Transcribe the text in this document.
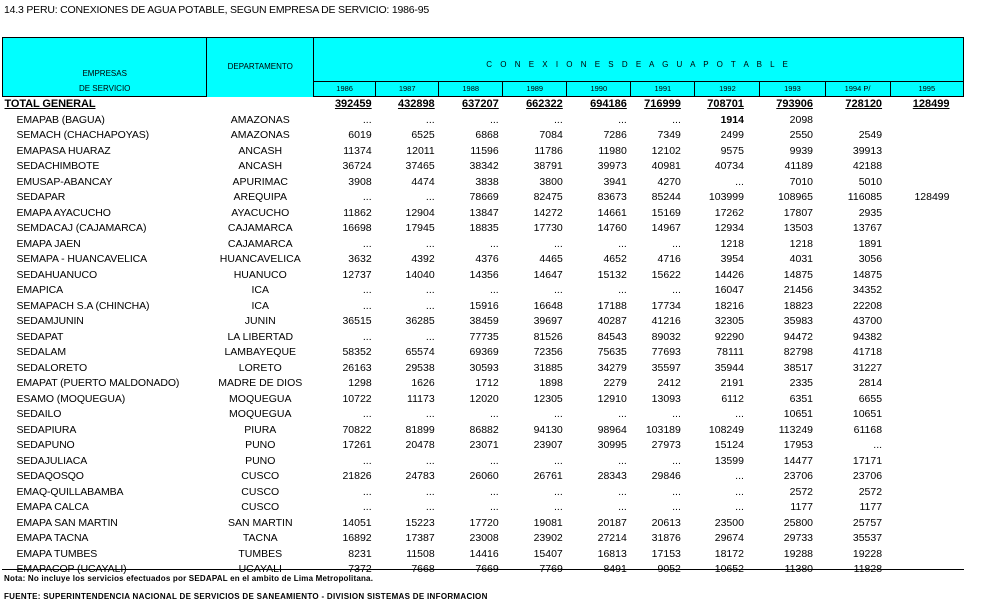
14.3 PERU: CONEXIONES DE AGUA POTABLE, SEGUN EMPRESA DE SERVICIO: 1986-95
EMPRESAS	DEPARTAMENTO	C O N E X I O N E S D E A G U A P O T A B L E									
DE SERVICIO		1986	1987	1988	1989	1990	1991	1992	1993	1994 P/	1995
TOTAL GENERAL		392459	432898	637207	662322	694186	716999	708701	793906	728120	128499
EMAPAB (BAGUA)	AMAZONAS	...	...	...	...	...	...	1914	2098		
SEMACH (CHACHAPOYAS)	AMAZONAS	6019	6525	6868	7084	7286	7349	2499	2550	2549	
EMAPASA HUARAZ	ANCASH	11374	12011	11596	11786	11980	12102	9575	9939	39913	
SEDACHIMBOTE	ANCASH	36724	37465	38342	38791	39973	40981	40734	41189	42188	
EMUSAP-ABANCAY	APURIMAC	3908	4474	3838	3800	3941	4270	...	7010	5010	
SEDAPAR	AREQUIPA	...	...	78669	82475	83673	85244	103999	108965	116085	128499
EMAPA AYACUCHO	AYACUCHO	11862	12904	13847	14272	14661	15169	17262	17807	2935	
SEMDACAJ (CAJAMARCA)	CAJAMARCA	16698	17945	18835	17730	14760	14967	12934	13503	13767	
EMAPA JAEN	CAJAMARCA	...	...	...	...	...	...	1218	1218	1891	
SEMAPA - HUANCAVELICA	HUANCAVELICA	3632	4392	4376	4465	4652	4716	3954	4031	3056	
SEDAHUANUCO	HUANUCO	12737	14040	14356	14647	15132	15622	14426	14875	14875	
EMAPICA	ICA	...	...	...	...	...	...	16047	21456	34352	
SEMAPACH S.A (CHINCHA)	ICA	...	...	15916	16648	17188	17734	18216	18823	22208	
SEDAMJUNIN	JUNIN	36515	36285	38459	39697	40287	41216	32305	35983	43700	
SEDAPAT	LA LIBERTAD	...	...	77735	81526	84543	89032	92290	94472	94382	
SEDALAM	LAMBAYEQUE	58352	65574	69369	72356	75635	77693	78111	82798	41718	
SEDALORETO	LORETO	26163	29538	30593	31885	34279	35597	35944	38517	31227	
EMAPAT (PUERTO MALDONADO)	MADRE DE DIOS	1298	1626	1712	1898	2279	2412	2191	2335	2814	
ESAMO (MOQUEGUA)	MOQUEGUA	10722	11173	12020	12305	12910	13093	6112	6351	6655	
SEDAILO	MOQUEGUA	...	...	...	...	...	...	...	10651	10651	
SEDAPIURA	PIURA	70822	81899	86882	94130	98964	103189	108249	113249	61168	
SEDAPUNO	PUNO	17261	20478	23071	23907	30995	27973	15124	17953	...	
SEDAJULIACA	PUNO	...	...	...	...	...	...	13599	14477	17171	
SEDAQOSQO	CUSCO	21826	24783	26060	26761	28343	29846	...	23706	23706	
EMAQ-QUILLABAMBA	CUSCO	...	...	...	...	...	...	...	2572	2572	
EMAPA CALCA	CUSCO	...	...	...	...	...	...	...	1177	1177	
EMAPA SAN MARTIN	SAN MARTIN	14051	15223	17720	19081	20187	20613	23500	25800	25757	
EMAPA TACNA	TACNA	16892	17387	23008	23902	27214	31876	29674	29733	35537	
EMAPA TUMBES	TUMBES	8231	11508	14416	15407	16813	17153	18172	19288	19228	
EMAPACOP (UCAYALI)	UCAYALI	7372	7668	7669	7769	8491	9052	10652	11380	11828	
Nota: No incluye los servicios efectuados por SEDAPAL en el ambito de Lima Metropolitana.
FUENTE: SUPERINTENDENCIA NACIONAL DE SERVICIOS DE SANEAMIENTO - DIVISION SISTEMAS DE INFORMACION
